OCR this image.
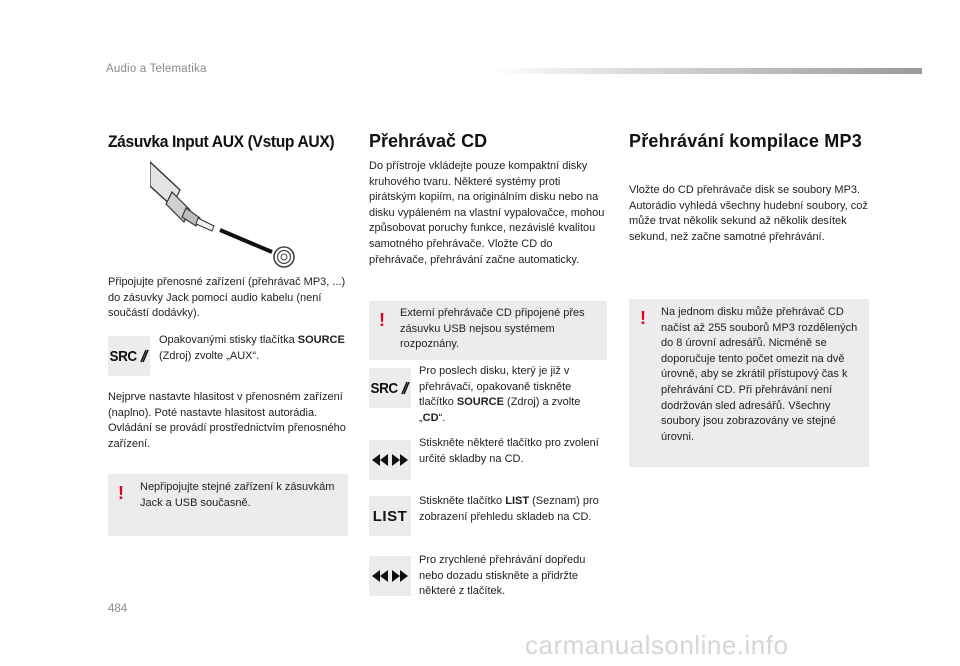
Audio a Telematika
Zásuvka Input AUX (Vstup AUX)
Připojujte přenosné zařízení (přehrávač MP3, ...) do zásuvky Jack pomocí audio kabelu (není součástí dodávky).
SRC
Opakovanými stisky tlačítka SOURCE (Zdroj) zvolte „AUX“.
Nejprve nastavte hlasitost v přenosném zařízení (naplno). Poté nastavte hlasitost autorádia. Ovládání se provádí prostřednictvím přenosného zařízení.
! Nepřipojujte stejné zařízení k zásuvkám Jack a USB současně.
Přehrávač CD
Do přístroje vkládejte pouze kompaktní disky kruhového tvaru. Některé systémy proti pirátským kopiím, na originálním disku nebo na disku vypáleném na vlastní vypalovačce, mohou způsobovat poruchy funkce, nezávislé kvalitou samotného přehrávače. Vložte CD do přehrávače, přehrávání začne automaticky.
! Externí přehrávače CD připojené přes zásuvku USB nejsou systémem rozpoznány.
SRC
Pro poslech disku, který je již v přehrávači, opakovaně tiskněte tlačítko SOURCE (Zdroj) a zvolte „CD“.
Stiskněte některé tlačítko pro zvolení určité skladby na CD.
LIST
Stiskněte tlačítko LIST (Seznam) pro zobrazení přehledu skladeb na CD.
Pro zrychlené přehrávání dopředu nebo dozadu stiskněte a přidržte některé z tlačítek.
Přehrávání kompilace MP3
Vložte do CD přehrávače disk se soubory MP3. Autorádio vyhledá všechny hudební soubory, což může trvat několik sekund až několik desítek sekund, než začne samotné přehrávání.
! Na jednom disku může přehrávač CD načíst až 255 souborů MP3 rozdělených do 8 úrovní adresářů. Nicméně se doporučuje tento počet omezit na dvě úrovně, aby se zkrátil přístupový čas k přehrávání CD. Při přehrávání není dodržován sled adresářů. Všechny soubory jsou zobrazovány ve stejné úrovni.
484
carmanualsonline.info
